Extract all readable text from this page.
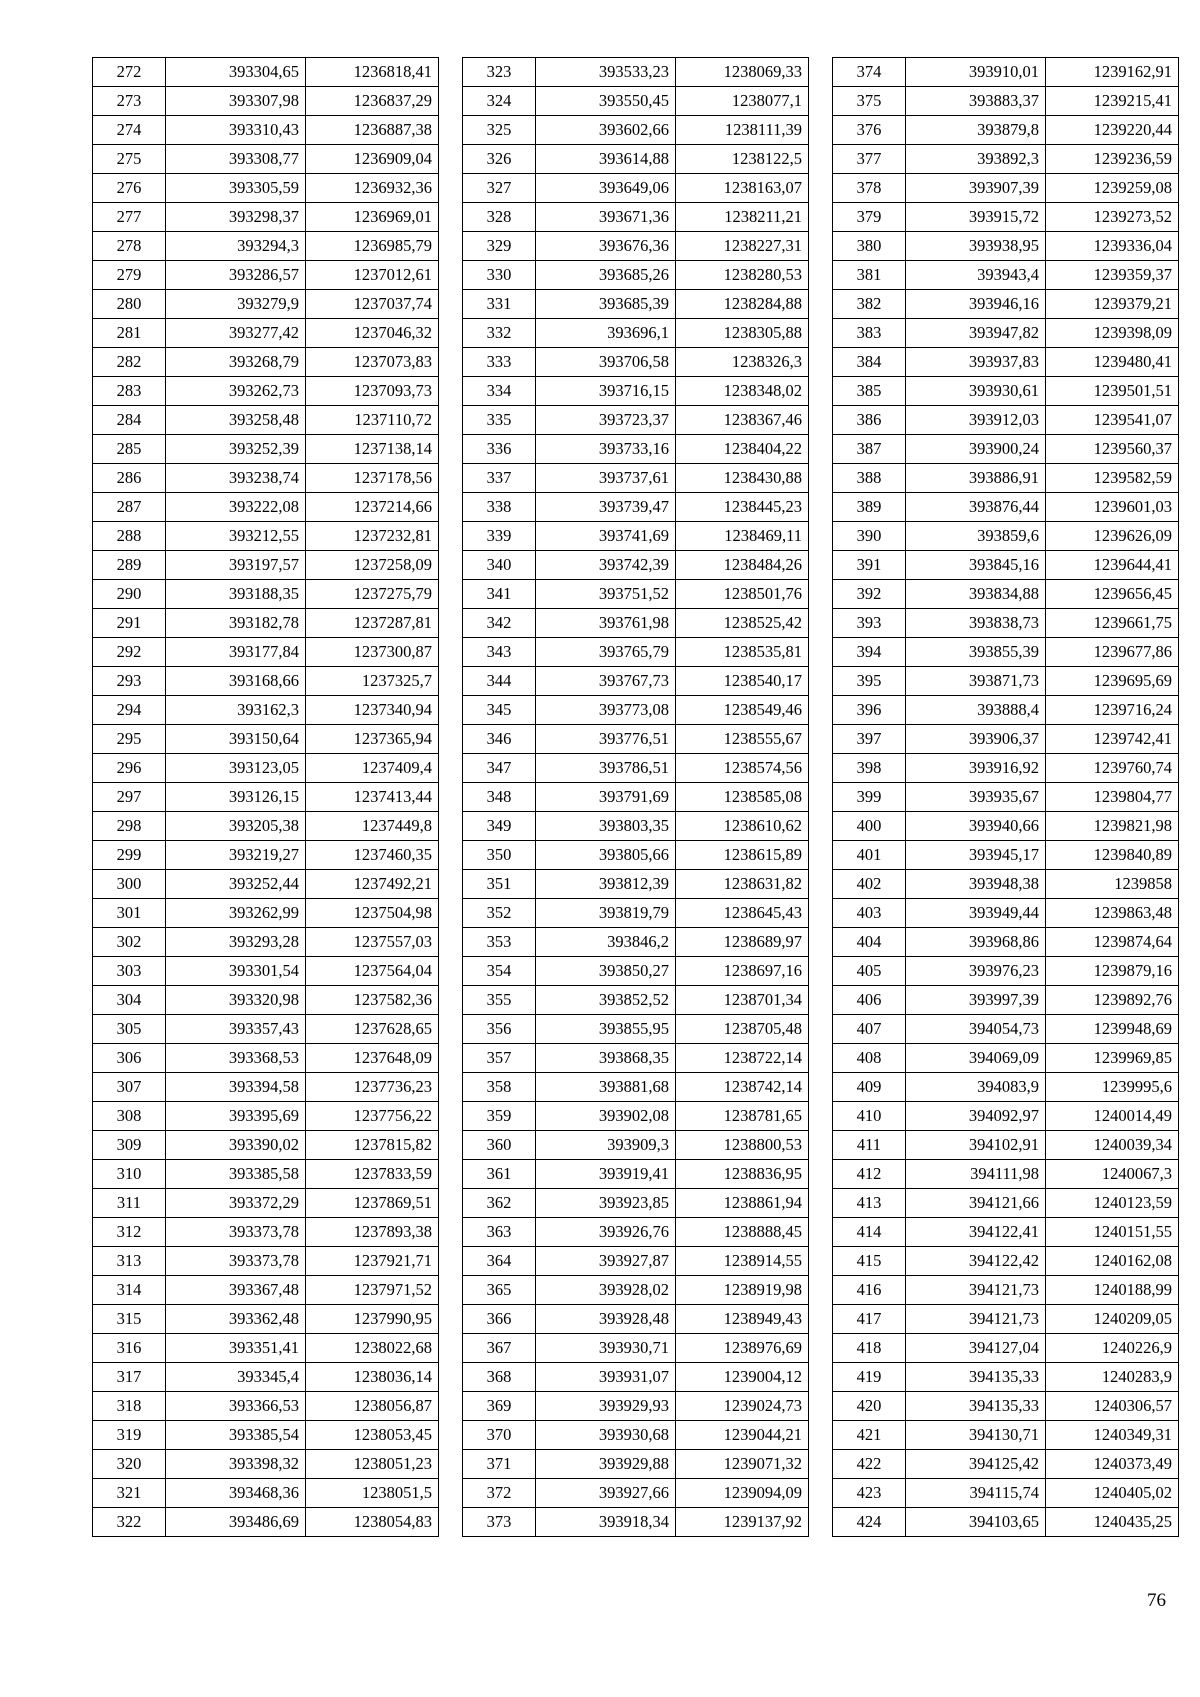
272	393304,65	1236818,41
273	393307,98	1236837,29
274	393310,43	1236887,38
275	393308,77	1236909,04
276	393305,59	1236932,36
277	393298,37	1236969,01
278	393294,3	1236985,79
279	393286,57	1237012,61
280	393279,9	1237037,74
281	393277,42	1237046,32
282	393268,79	1237073,83
283	393262,73	1237093,73
284	393258,48	1237110,72
285	393252,39	1237138,14
286	393238,74	1237178,56
287	393222,08	1237214,66
288	393212,55	1237232,81
289	393197,57	1237258,09
290	393188,35	1237275,79
291	393182,78	1237287,81
292	393177,84	1237300,87
293	393168,66	1237325,7
294	393162,3	1237340,94
295	393150,64	1237365,94
296	393123,05	1237409,4
297	393126,15	1237413,44
298	393205,38	1237449,8
299	393219,27	1237460,35
300	393252,44	1237492,21
301	393262,99	1237504,98
302	393293,28	1237557,03
303	393301,54	1237564,04
304	393320,98	1237582,36
305	393357,43	1237628,65
306	393368,53	1237648,09
307	393394,58	1237736,23
308	393395,69	1237756,22
309	393390,02	1237815,82
310	393385,58	1237833,59
311	393372,29	1237869,51
312	393373,78	1237893,38
313	393373,78	1237921,71
314	393367,48	1237971,52
315	393362,48	1237990,95
316	393351,41	1238022,68
317	393345,4	1238036,14
318	393366,53	1238056,87
319	393385,54	1238053,45
320	393398,32	1238051,23
321	393468,36	1238051,5
322	393486,69	1238054,83
323	393533,23	1238069,33
324	393550,45	1238077,1
325	393602,66	1238111,39
326	393614,88	1238122,5
327	393649,06	1238163,07
328	393671,36	1238211,21
329	393676,36	1238227,31
330	393685,26	1238280,53
331	393685,39	1238284,88
332	393696,1	1238305,88
333	393706,58	1238326,3
334	393716,15	1238348,02
335	393723,37	1238367,46
336	393733,16	1238404,22
337	393737,61	1238430,88
338	393739,47	1238445,23
339	393741,69	1238469,11
340	393742,39	1238484,26
341	393751,52	1238501,76
342	393761,98	1238525,42
343	393765,79	1238535,81
344	393767,73	1238540,17
345	393773,08	1238549,46
346	393776,51	1238555,67
347	393786,51	1238574,56
348	393791,69	1238585,08
349	393803,35	1238610,62
350	393805,66	1238615,89
351	393812,39	1238631,82
352	393819,79	1238645,43
353	393846,2	1238689,97
354	393850,27	1238697,16
355	393852,52	1238701,34
356	393855,95	1238705,48
357	393868,35	1238722,14
358	393881,68	1238742,14
359	393902,08	1238781,65
360	393909,3	1238800,53
361	393919,41	1238836,95
362	393923,85	1238861,94
363	393926,76	1238888,45
364	393927,87	1238914,55
365	393928,02	1238919,98
366	393928,48	1238949,43
367	393930,71	1238976,69
368	393931,07	1239004,12
369	393929,93	1239024,73
370	393930,68	1239044,21
371	393929,88	1239071,32
372	393927,66	1239094,09
373	393918,34	1239137,92
374	393910,01	1239162,91
375	393883,37	1239215,41
376	393879,8	1239220,44
377	393892,3	1239236,59
378	393907,39	1239259,08
379	393915,72	1239273,52
380	393938,95	1239336,04
381	393943,4	1239359,37
382	393946,16	1239379,21
383	393947,82	1239398,09
384	393937,83	1239480,41
385	393930,61	1239501,51
386	393912,03	1239541,07
387	393900,24	1239560,37
388	393886,91	1239582,59
389	393876,44	1239601,03
390	393859,6	1239626,09
391	393845,16	1239644,41
392	393834,88	1239656,45
393	393838,73	1239661,75
394	393855,39	1239677,86
395	393871,73	1239695,69
396	393888,4	1239716,24
397	393906,37	1239742,41
398	393916,92	1239760,74
399	393935,67	1239804,77
400	393940,66	1239821,98
401	393945,17	1239840,89
402	393948,38	1239858
403	393949,44	1239863,48
404	393968,86	1239874,64
405	393976,23	1239879,16
406	393997,39	1239892,76
407	394054,73	1239948,69
408	394069,09	1239969,85
409	394083,9	1239995,6
410	394092,97	1240014,49
411	394102,91	1240039,34
412	394111,98	1240067,3
413	394121,66	1240123,59
414	394122,41	1240151,55
415	394122,42	1240162,08
416	394121,73	1240188,99
417	394121,73	1240209,05
418	394127,04	1240226,9
419	394135,33	1240283,9
420	394135,33	1240306,57
421	394130,71	1240349,31
422	394125,42	1240373,49
423	394115,74	1240405,02
424	394103,65	1240435,25
76
